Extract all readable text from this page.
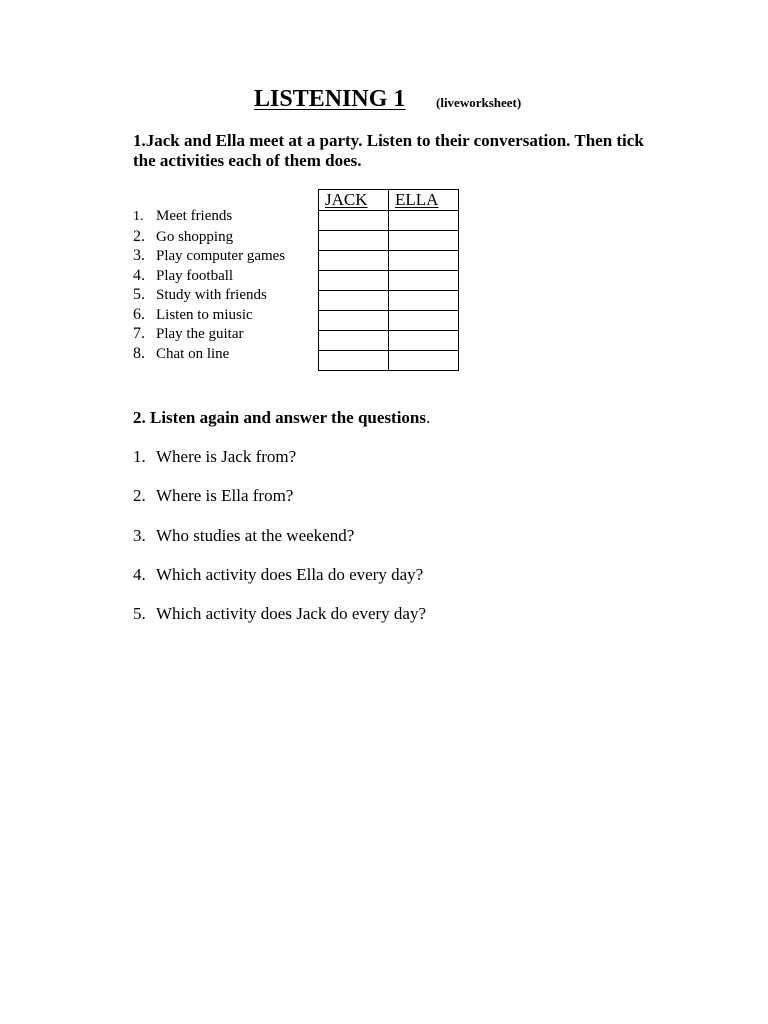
LISTENING 1	(liveworksheet)

1.Jack and Ella meet at a party. Listen to their conversation. Then tick the activities each of them does.

1. Meet friends
2. Go shopping
3. Play computer games
4. Play football
5. Study with friends
6. Listen to miusic
7. Play the guitar
8. Chat on line
JACK	ELLA

2. Listen again and answer the questions.

1. Where is Jack from?
2. Where is Ella from?
3. Who studies at the weekend?
4. Which activity does Ella do every day?
5. Which activity does Jack do every day?
